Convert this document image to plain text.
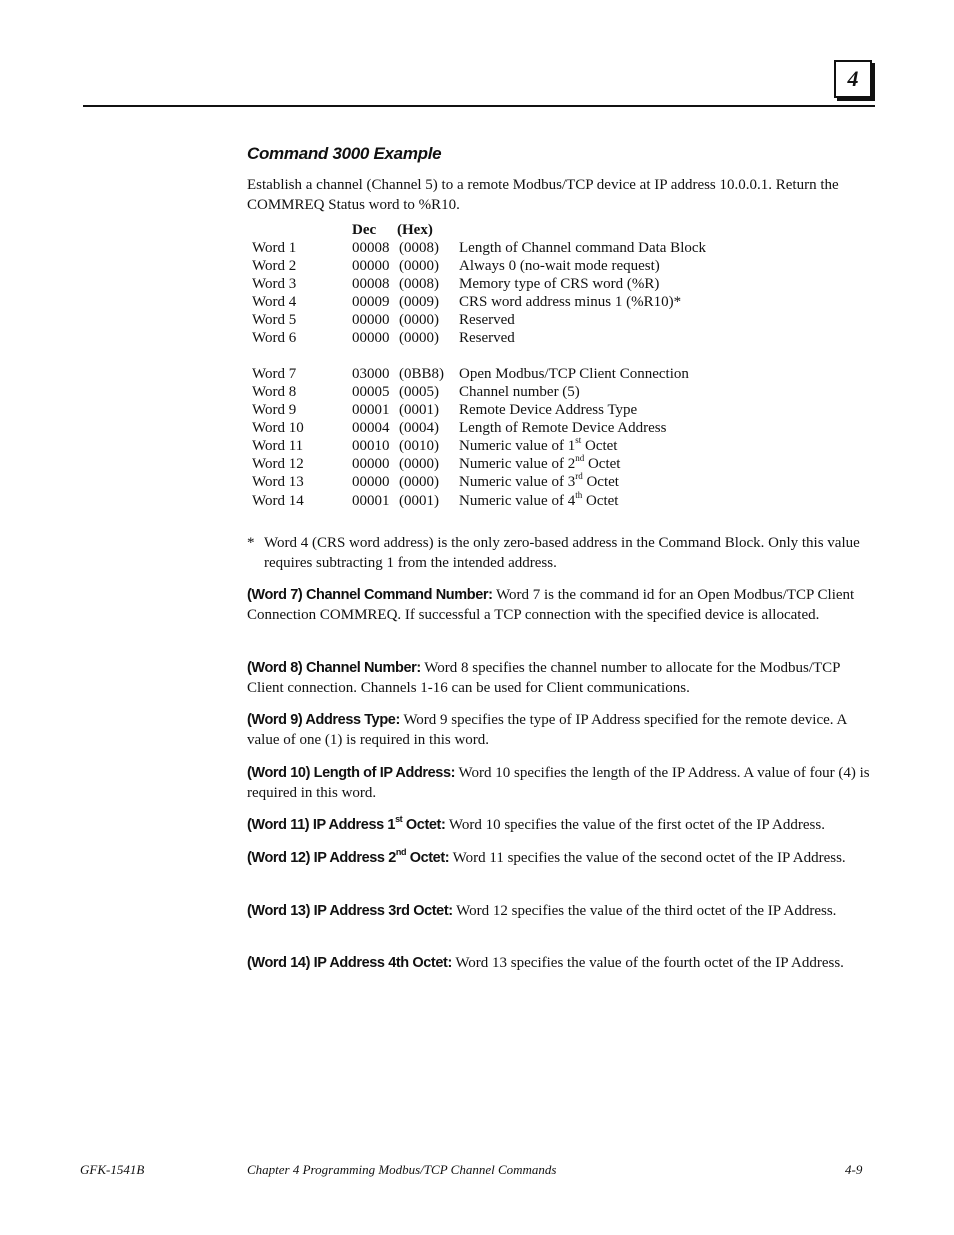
4
Command 3000 Example
Establish a channel (Channel 5) to a remote Modbus/TCP device at IP address 10.0.0.1. Return the COMMREQ Status word to %R10.
Dec (Hex)
Word 1	00008 (0008) Length of Channel command Data Block
Word 2	00000 (0000) Always 0 (no-wait mode request)
Word 3	00008 (0008) Memory type of CRS word (%R)
Word 4	00009 (0009) CRS word address minus 1 (%R10)*
Word 5	00000 (0000) Reserved
Word 6	00000 (0000) Reserved
Word 7	03000 (0BB8) Open Modbus/TCP Client Connection
Word 8	00005 (0005) Channel number (5)
Word 9	00001 (0001) Remote Device Address Type
Word 10	00004 (0004) Length of Remote Device Address
Word 11	00010 (0010) Numeric value of 1st Octet
Word 12	00000 (0000) Numeric value of 2nd Octet
Word 13	00000 (0000) Numeric value of 3rd Octet
Word 14	00001 (0001) Numeric value of 4th Octet
* Word 4 (CRS word address) is the only zero-based address in the Command Block. Only this value requires subtracting 1 from the intended address.
(Word 7) Channel Command Number: Word 7 is the command id for an Open Modbus/TCP Client Connection COMMREQ. If successful a TCP connection with the specified device is allocated.
(Word 8) Channel Number: Word 8 specifies the channel number to allocate for the Modbus/TCP Client connection. Channels 1-16 can be used for Client communications.
(Word 9) Address Type: Word 9 specifies the type of IP Address specified for the remote device. A value of one (1) is required in this word.
(Word 10) Length of IP Address: Word 10 specifies the length of the IP Address. A value of four (4) is required in this word.
(Word 11) IP Address 1st Octet: Word 10 specifies the value of the first octet of the IP Address.
(Word 12) IP Address 2nd Octet: Word 11 specifies the value of the second octet of the IP Address.
(Word 13) IP Address 3rd Octet: Word 12 specifies the value of the third octet of the IP Address.
(Word 14) IP Address 4th Octet: Word 13 specifies the value of the fourth octet of the IP Address.
GFK-1541B	Chapter 4 Programming Modbus/TCP Channel Commands	4-9
